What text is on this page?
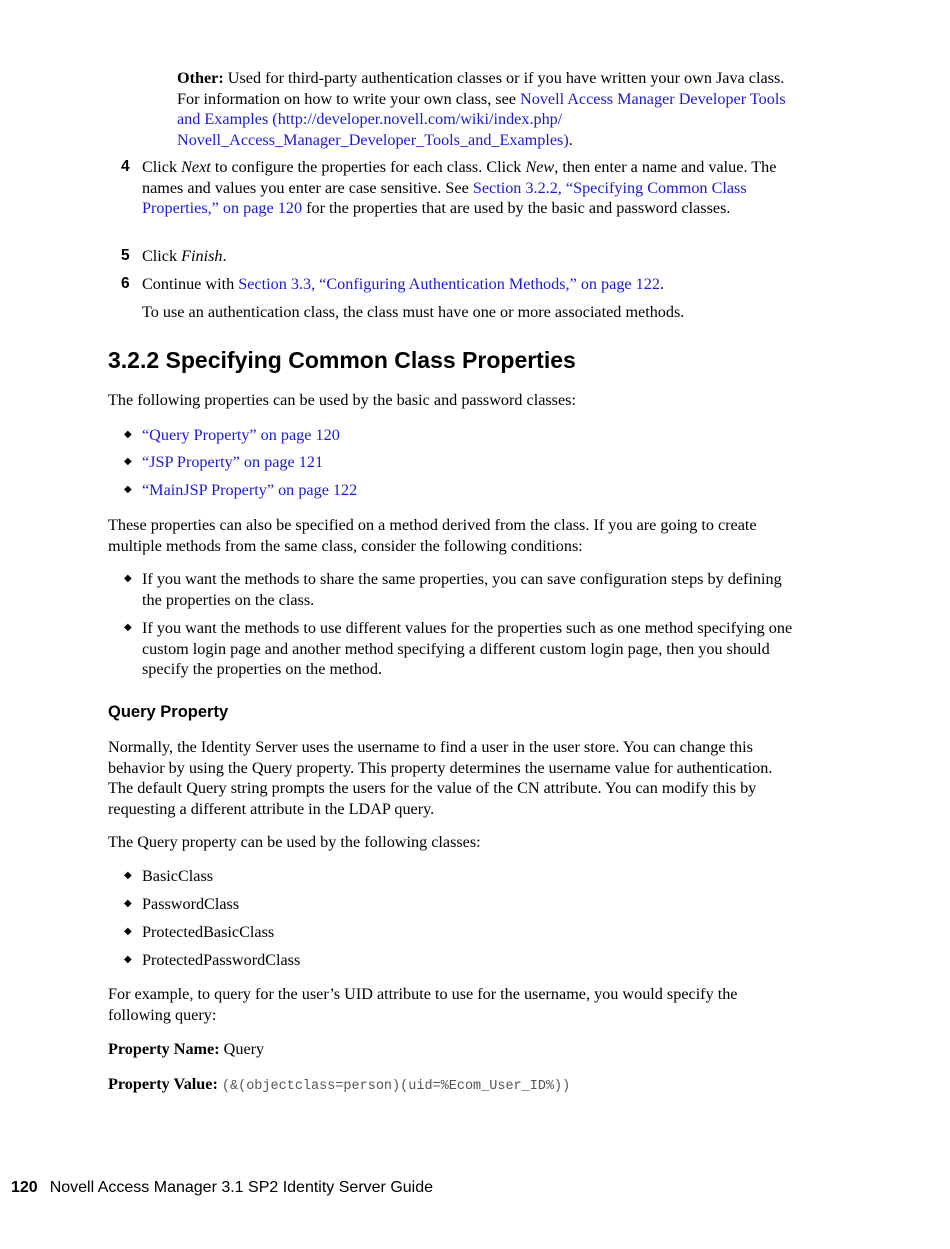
Other: Used for third-party authentication classes or if you have written your own Java class. For information on how to write your own class, see Novell Access Manager Developer Tools and Examples (http://developer.novell.com/wiki/index.php/ Novell_Access_Manager_Developer_Tools_and_Examples).
4 Click Next to configure the properties for each class. Click New, then enter a name and value. The names and values you enter are case sensitive. See Section 3.2.2, “Specifying Common Class Properties,” on page 120 for the properties that are used by the basic and password classes.
5 Click Finish.
6 Continue with Section 3.3, “Configuring Authentication Methods,” on page 122.
To use an authentication class, the class must have one or more associated methods.
3.2.2 Specifying Common Class Properties
The following properties can be used by the basic and password classes:
◆ “Query Property” on page 120
◆ “JSP Property” on page 121
◆ “MainJSP Property” on page 122
These properties can also be specified on a method derived from the class. If you are going to create multiple methods from the same class, consider the following conditions:
◆ If you want the methods to share the same properties, you can save configuration steps by defining the properties on the class.
◆ If you want the methods to use different values for the properties such as one method specifying one custom login page and another method specifying a different custom login page, then you should specify the properties on the method.
Query Property
Normally, the Identity Server uses the username to find a user in the user store. You can change this behavior by using the Query property. This property determines the username value for authentication. The default Query string prompts the users for the value of the CN attribute. You can modify this by requesting a different attribute in the LDAP query.
The Query property can be used by the following classes:
◆ BasicClass
◆ PasswordClass
◆ ProtectedBasicClass
◆ ProtectedPasswordClass
For example, to query for the user’s UID attribute to use for the username, you would specify the following query:
Property Name: Query
Property Value: (&(objectclass=person)(uid=%Ecom_User_ID%))
120 Novell Access Manager 3.1 SP2 Identity Server Guide
